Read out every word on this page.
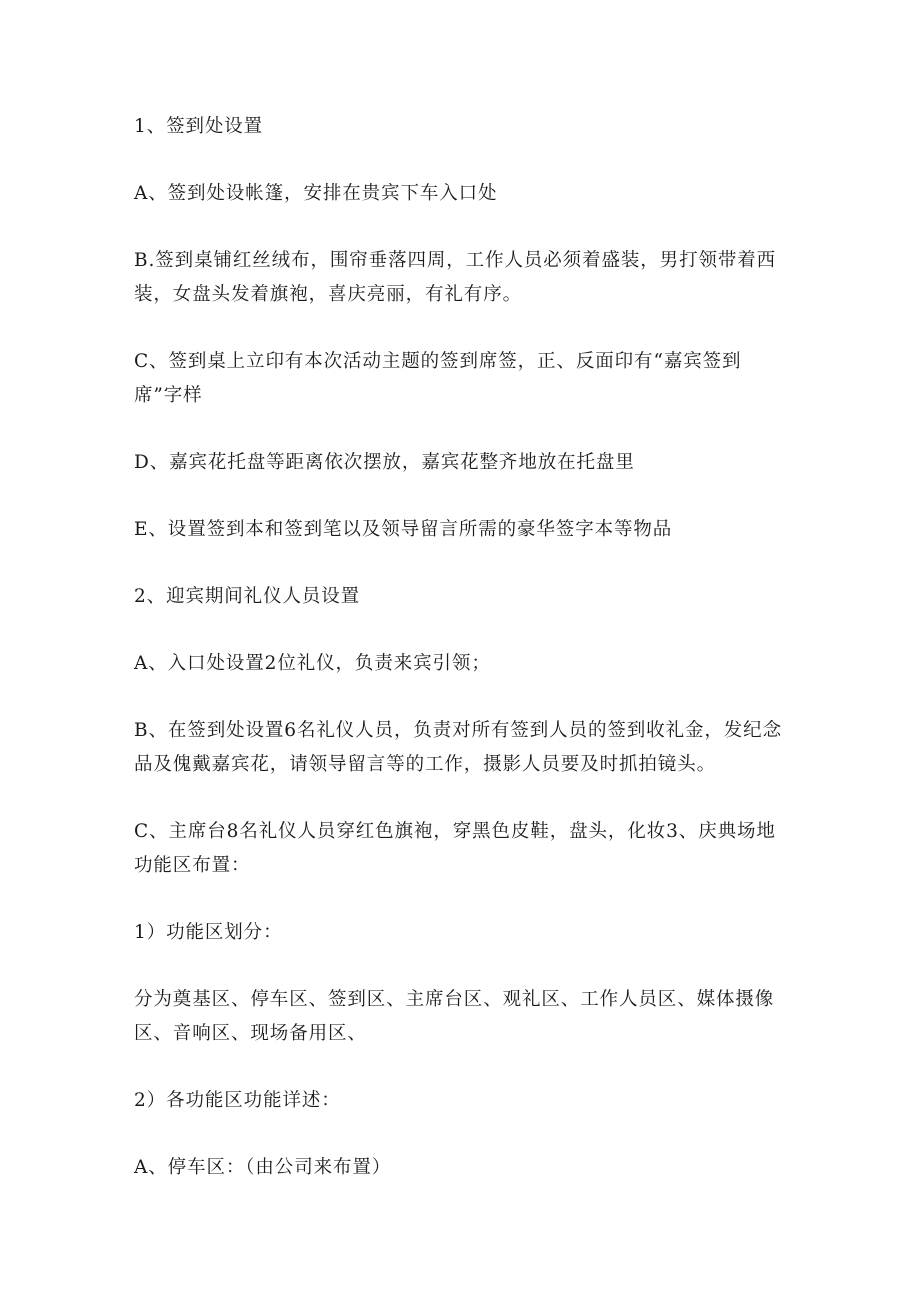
1、签到处设置

A、签到处设帐篷，安排在贵宾下车入口处

B.签到桌铺红丝绒布，围帘垂落四周，工作人员必须着盛装，男打领带着西装，女盘头发着旗袍，喜庆亮丽，有礼有序。

C、签到桌上立印有本次活动主题的签到席签，正、反面印有“嘉宾签到席”字样

D、嘉宾花托盘等距离依次摆放，嘉宾花整齐地放在托盘里

E、设置签到本和签到笔以及领导留言所需的豪华签字本等物品

2、迎宾期间礼仪人员设置

A、入口处设置2位礼仪，负责来宾引领；

B、在签到处设置6名礼仪人员，负责对所有签到人员的签到收礼金，发纪念品及傀戴嘉宾花，请领导留言等的工作，摄影人员要及时抓拍镜头。

C、主席台8名礼仪人员穿红色旗袍，穿黑色皮鞋，盘头，化妆3、庆典场地功能区布置：

1）功能区划分：

分为奠基区、停车区、签到区、主席台区、观礼区、工作人员区、媒体摄像区、音响区、现场备用区、

2）各功能区功能详述：

A、停车区：（由公司来布置）
